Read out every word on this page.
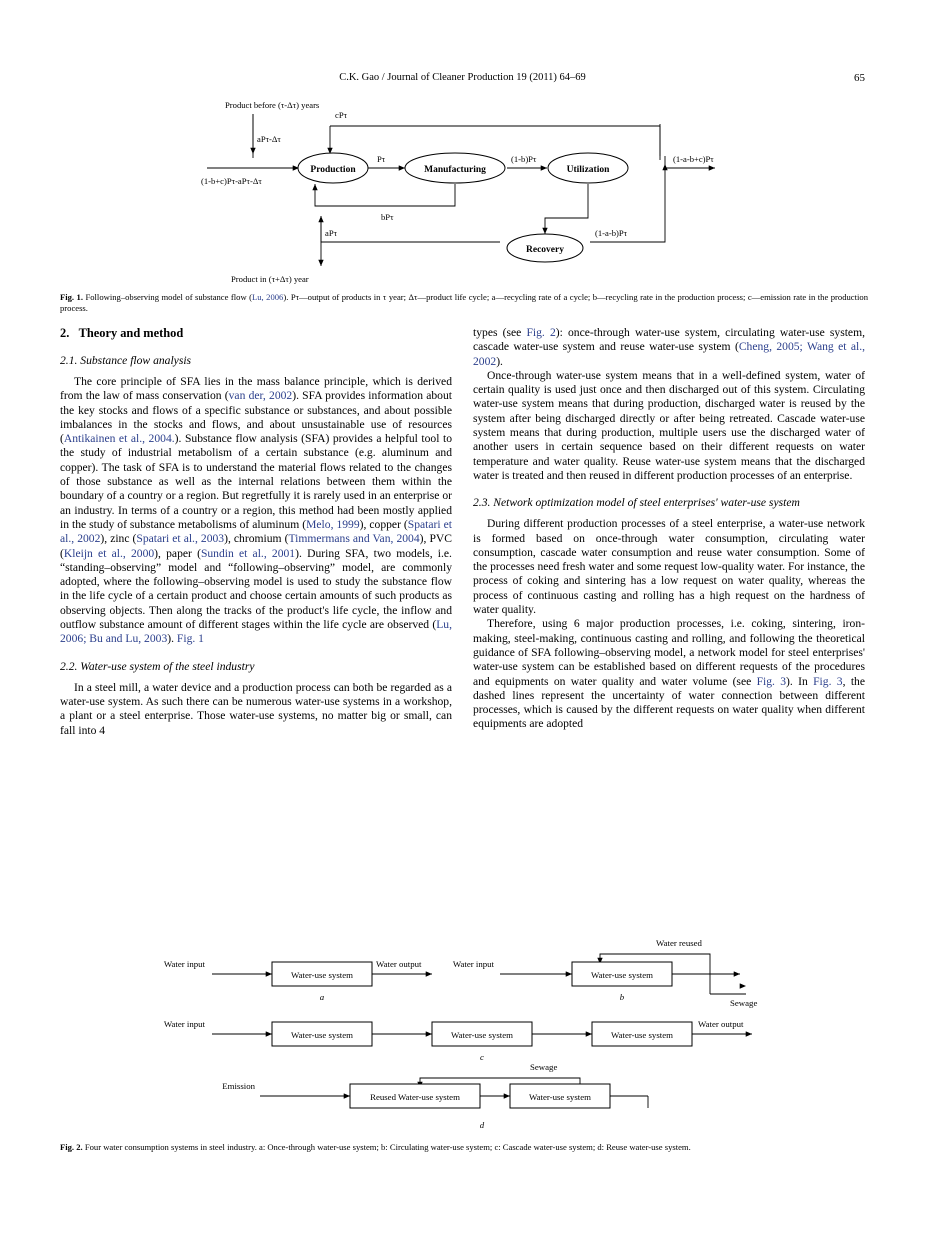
C.K. Gao / Journal of Cleaner Production 19 (2011) 64–69	65
Production	Manufacturing	Utilization
Recovery
Product before (τ-Δτ) years
cPτ
aPτ-Δτ
(1-b+c)Pτ-aPτ-Δτ
Pτ	(1-b)Pτ
bPτ
(1-a-b+c)Pτ
(1-a-b)Pτ
aPτ
Product in (τ+Δτ) year
Fig. 1. Following–observing model of substance flow (Lu, 2006). Pτ—output of products in τ year; Δτ—product life cycle; a—recycling rate of a cycle; b—recycling rate in the production process; c—emission rate in the production process.
2. Theory and method
2.1. Substance flow analysis

The core principle of SFA lies in the mass balance principle, which is derived from the law of mass conservation (van der, 2002). SFA provides information about the key stocks and flows of a specific substance or substances, and about possible imbalances in the stocks and flows, and about unsustainable use of resources (Antikainen et al., 2004.). Substance flow analysis (SFA) provides a helpful tool to the study of industrial metabolism of a certain substance (e.g. aluminum and copper). The task of SFA is to understand the material flows related to the changes of those substance as well as the internal relations between them within the boundary of a country or a region. But regretfully it is rarely used in an enterprise or an industry. In terms of a country or a region, this method had been mostly applied in the study of substance metabolisms of aluminum (Melo, 1999), copper (Spatari et al., 2002), zinc (Spatari et al., 2003), chromium (Timmermans and Van, 2004), PVC (Kleijn et al., 2000), paper (Sundin et al., 2001). During SFA, two models, i.e. “standing–observing” model and “following–observing” model, are commonly adopted, where the following–observing model is used to study the substance flow in the life cycle of a certain product and choose certain amounts of such products as observing objects. Then along the tracks of the product's life cycle, the inflow and outflow substance amount of different stages within the life cycle are observed (Lu, 2006; Bu and Lu, 2003). Fig. 1

2.2. Water-use system of the steel industry

In a steel mill, a water device and a production process can both be regarded as a water-use system. As such there can be numerous water-use systems in a workshop, a plant or a steel enterprise. Those water-use systems, no matter big or small, can fall into 4

types (see Fig. 2): once-through water-use system, circulating water-use system, cascade water-use system and reuse water-use system (Cheng, 2005; Wang et al., 2002).

Once-through water-use system means that in a well-defined system, water of certain quality is used just once and then discharged out of this system. Circulating water-use system means that during production, discharged water is reused by the system after being discharged directly or after being retreated. Cascade water-use system means that during production, multiple users use the discharged water of another users in certain sequence based on their different requests on water temperature and water quality. Reuse water-use system means that the discharged water is treated and then reused in different production processes of an enterprise.

2.3. Network optimization model of steel enterprises' water-use system

During different production processes of a steel enterprise, a water-use network is formed based on once-through water consumption, circulating water consumption, cascade water consumption and reuse water consumption. Some of the processes need fresh water and some request low-quality water. For instance, the process of coking and sintering has a low request on water quality, whereas the process of continuous casting and rolling has a high request on the hardness of water quality.

Therefore, using 6 major production processes, i.e. coking, sintering, iron-making, steel-making, continuous casting and rolling, and following the theoretical guidance of SFA following–observing model, a network model for steel enterprises' water-use system can be established based on different requests of the procedures and equipments on water quality and water volume (see Fig. 3). In Fig. 3, the dashed lines represent the uncertainty of water connection between different processes, which is caused by the different requests on water quality when different equipments are adopted

Water-use system	Water-use system
Water-use system	Water-use system	Water-use system
Reused Water-use system	Water-use system
Water input	Water output
a
Water input
Water reused
Sewage
b
Water input	Water output
c
Sewage
Emission
d
Fig. 2. Four water consumption systems in steel industry. a: Once-through water-use system; b: Circulating water-use system; c: Cascade water-use system; d: Reuse water-use system.
